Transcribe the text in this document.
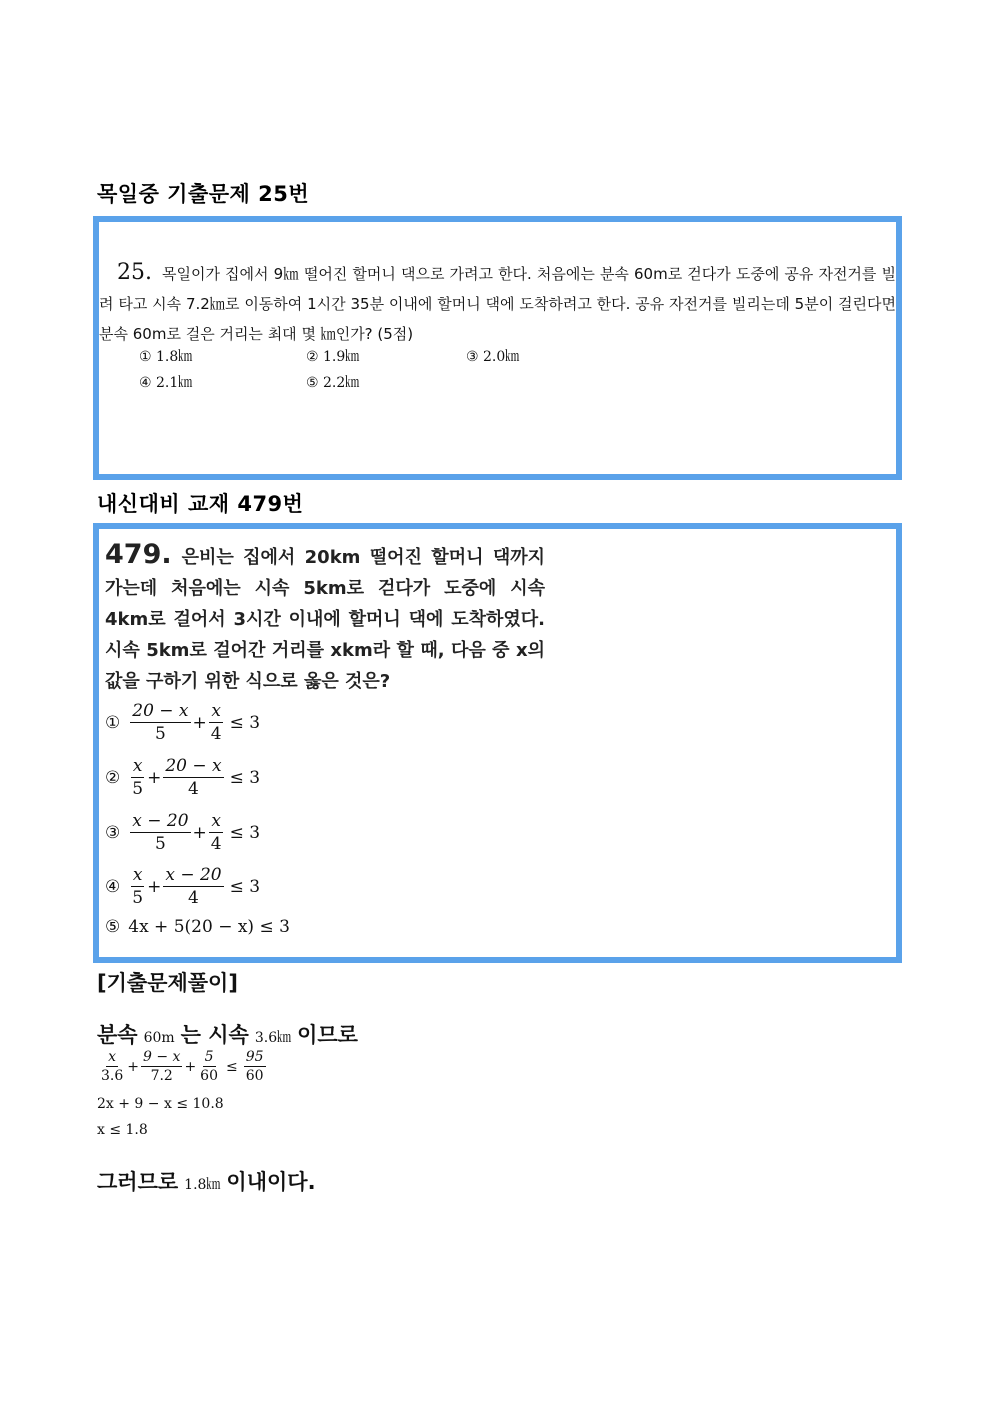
목일중 기출문제 25번
25. 목일이가 집에서 9㎞ 떨어진 할머니 댁으로 가려고 한다. 처음에는 분속 60m로 걷다가 도중에 공유 자전거를 빌려 타고 시속 7.2㎞로 이동하여 1시간 35분 이내에 할머니 댁에 도착하려고 한다. 공유 자전거를 빌리는데 5분이 걸린다면 분속 60m로 걸은 거리는 최대 몇 ㎞인가? (5점)
① 1.8㎞	② 1.9㎞	③ 2.0㎞
④ 2.1㎞	⑤ 2.2㎞
내신대비 교재 479번
479. 은비는 집에서 20km 떨어진 할머니 댁까지 가는데 처음에는 시속 5km로 걷다가 도중에 시속 4km로 걸어서 3시간 이내에 할머니 댁에 도착하였다. 시속 5km로 걸어간 거리를 xkm라 할 때, 다음 중 x의 값을 구하기 위한 식으로 옳은 것은?
① $\frac{20 - x}{5} + \frac{x}{4} \le 3$
② $\frac{x}{5} + \frac{20 - x}{4} \le 3$
③ $\frac{x - 20}{5} + \frac{x}{4} \le 3$
④ $\frac{x}{5} + \frac{x - 20}{4} \le 3$
⑤ 4x + 5(20 − x) ≤ 3
[기출문제풀이]
분속 60m 는 시속 3.6㎞ 이므로
$\frac{x}{3.6} + \frac{9 - x}{7.2} + \frac{5}{60} \le \frac{95}{60}$
2x + 9 − x ≤ 10.8
x ≤ 1.8
그러므로 1.8㎞ 이내이다.
